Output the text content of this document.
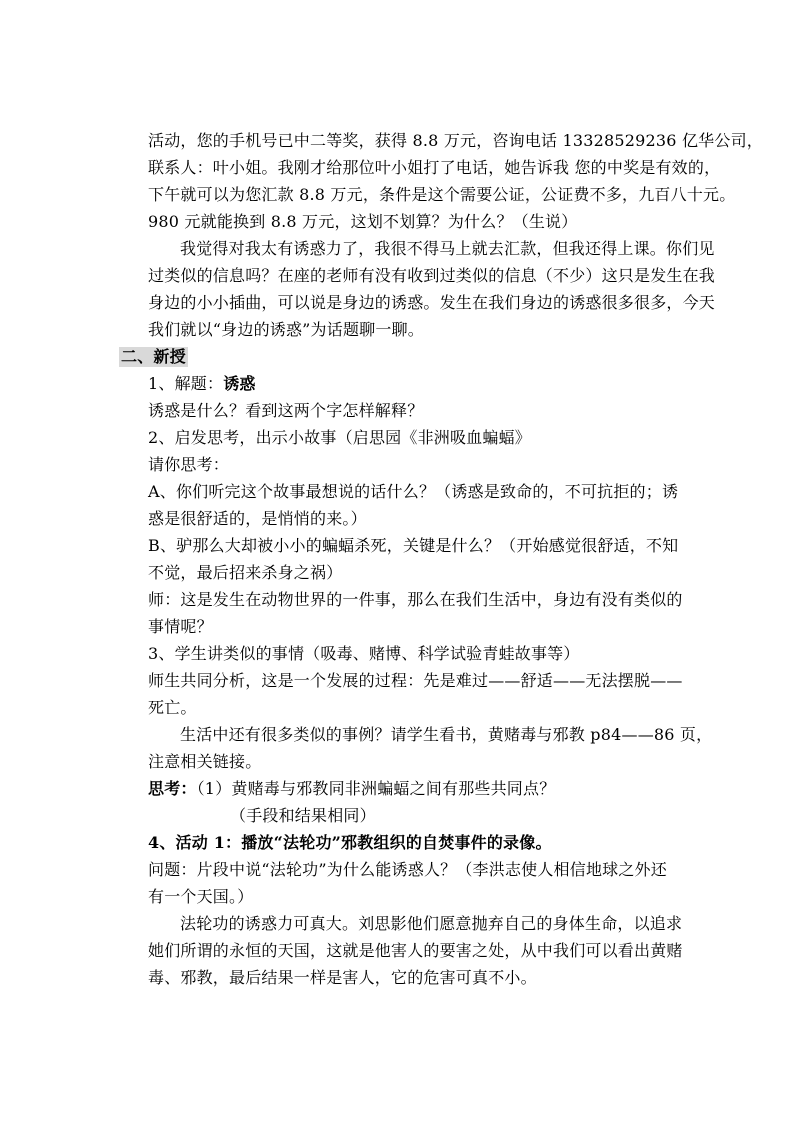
活动，您的手机号已中二等奖，获得 8.8 万元，咨询电话 13328529236 亿华公司，
联系人：叶小姐。我刚才给那位叶小姐打了电话，她告诉我 您的中奖是有效的，
下午就可以为您汇款 8.8 万元，条件是这个需要公证，公证费不多，九百八十元。
980 元就能换到 8.8 万元，这划不划算？为什么？（生说）
我觉得对我太有诱惑力了，我很不得马上就去汇款，但我还得上课。你们见
过类似的信息吗？在座的老师有没有收到过类似的信息（不少）这只是发生在我
身边的小小插曲，可以说是身边的诱惑。发生在我们身边的诱惑很多很多，今天
我们就以“身边的诱惑”为话题聊一聊。
二、新授
1、解题：诱惑
诱惑是什么？看到这两个字怎样解释？
2、启发思考，出示小故事（启思园《非洲吸血蝙蝠》
请你思考：
A、你们听完这个故事最想说的话什么？（诱惑是致命的，不可抗拒的；诱
惑是很舒适的，是悄悄的来。）
B、驴那么大却被小小的蝙蝠杀死，关键是什么？（开始感觉很舒适，不知
不觉，最后招来杀身之祸）
师：这是发生在动物世界的一件事，那么在我们生活中，身边有没有类似的
事情呢？
3、学生讲类似的事情（吸毒、赌博、科学试验青蛙故事等）
师生共同分析，这是一个发展的过程：先是难过——舒适——无法摆脱——
死亡。
生活中还有很多类似的事例？请学生看书，黄赌毒与邪教 p84——86 页，
注意相关链接。
思考：（1）黄赌毒与邪教同非洲蝙蝠之间有那些共同点？
（手段和结果相同）
4、活动 1：播放“法轮功”邪教组织的自焚事件的录像。
问题：片段中说“法轮功”为什么能诱惑人？（李洪志使人相信地球之外还
有一个天国。）
法轮功的诱惑力可真大。刘思影他们愿意抛弃自己的身体生命，以追求
她们所谓的永恒的天国，这就是他害人的要害之处，从中我们可以看出黄赌
毒、邪教，最后结果一样是害人，它的危害可真不小。
